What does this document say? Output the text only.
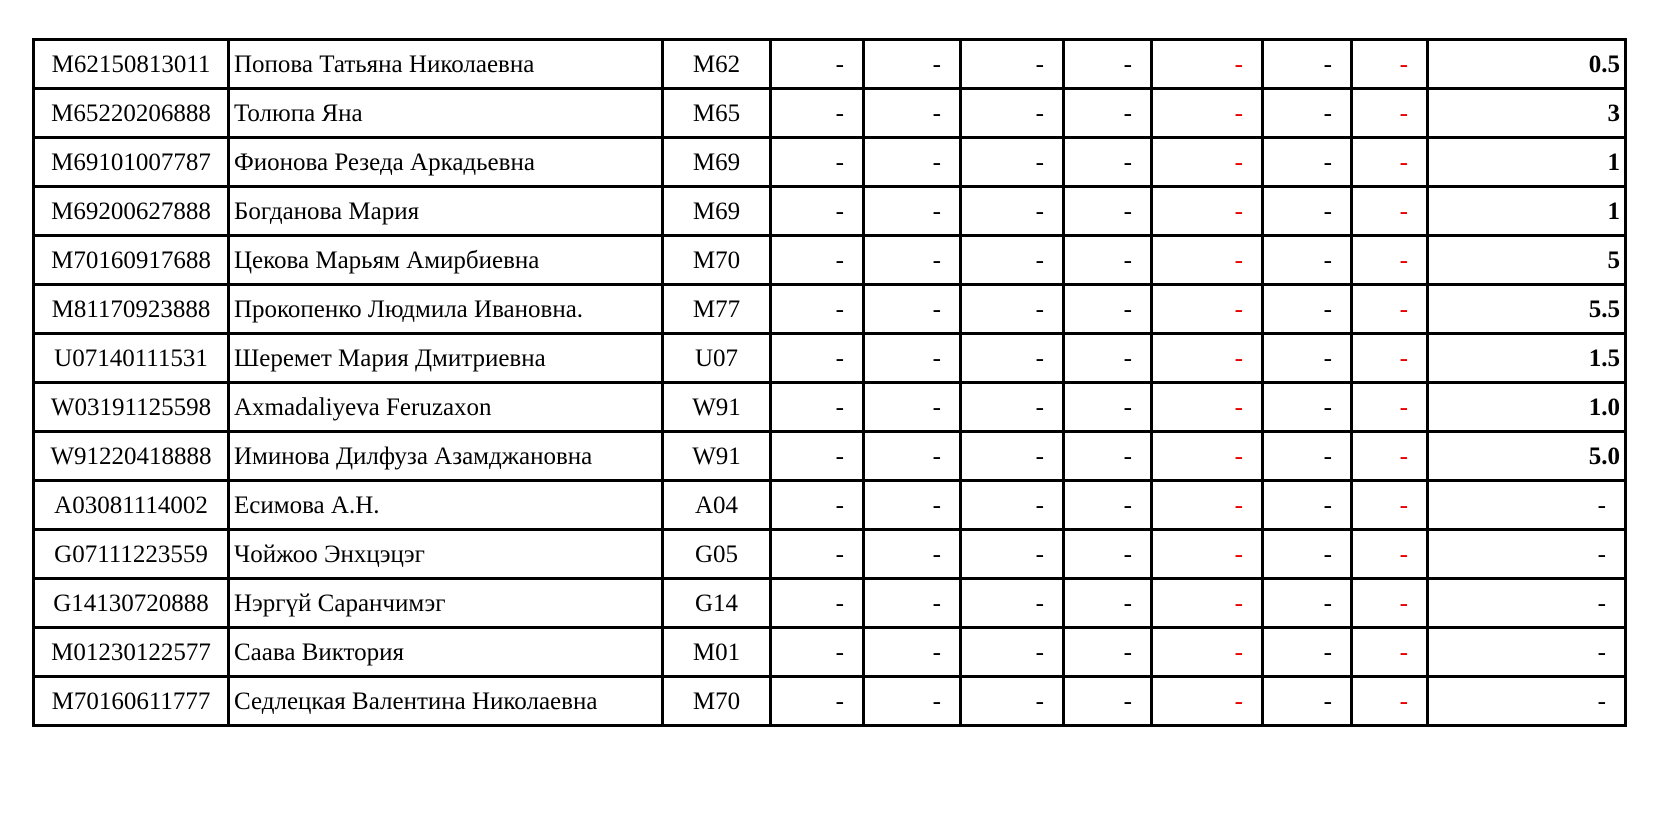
M62150813011	Попова Татьяна Николаевна	M62	-	-	-	-	-	-	-	0.5
M65220206888	Толюпа Яна	M65	-	-	-	-	-	-	-	3
M69101007787	Фионова Резеда Аркадьевна	M69	-	-	-	-	-	-	-	1
M69200627888	Богданова Мария	M69	-	-	-	-	-	-	-	1
M70160917688	Цекова Марьям Амирбиевна	M70	-	-	-	-	-	-	-	5
M81170923888	Прокопенко Людмила Ивановна.	M77	-	-	-	-	-	-	-	5.5
U07140111531	Шеремет Мария Дмитриевна	U07	-	-	-	-	-	-	-	1.5
W03191125598	Axmadaliyeva Feruzaxon	W91	-	-	-	-	-	-	-	1.0
W91220418888	Иминова Дилфуза Азамджановна	W91	-	-	-	-	-	-	-	5.0
A03081114002	Есимова А.Н.	A04	-	-	-	-	-	-	-	-
G07111223559	Чойжоо Энхцэцэг	G05	-	-	-	-	-	-	-	-
G14130720888	Нэргүй Саранчимэг	G14	-	-	-	-	-	-	-	-
M01230122577	Саава Виктория	M01	-	-	-	-	-	-	-	-
M70160611777	Седлецкая Валентина Николаевна	M70	-	-	-	-	-	-	-	-
